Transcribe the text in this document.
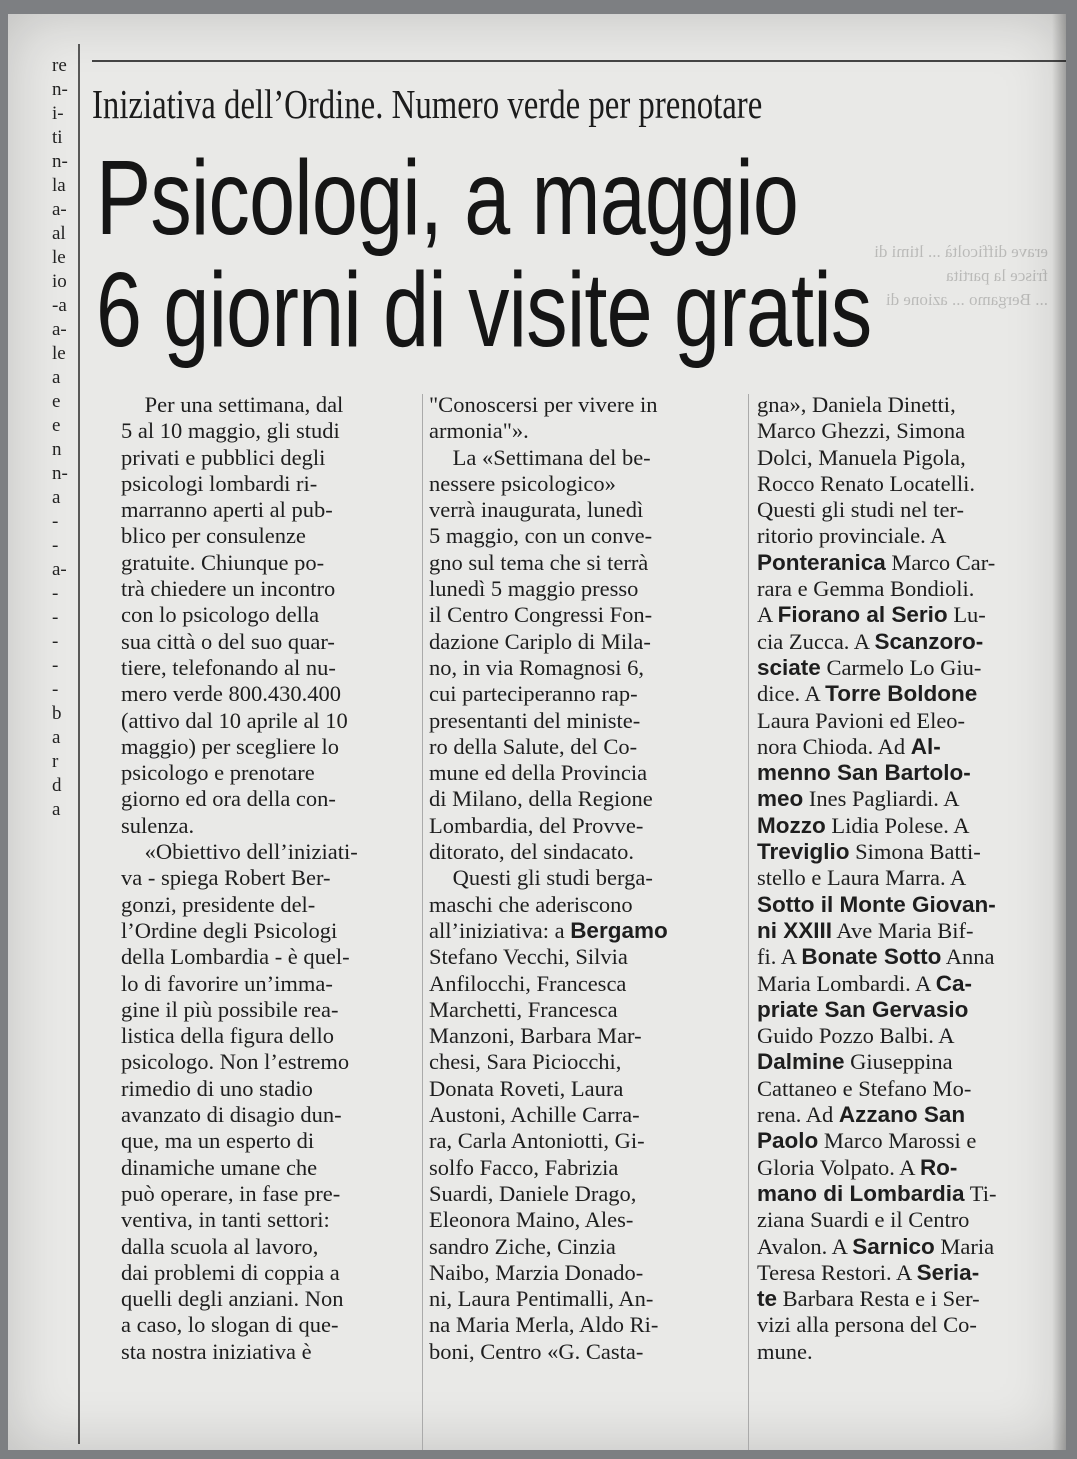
re
n-
i-
ti
n-
la
a-
al
le
io
-a
a-
le
a
e
e
n
n-
a
-
-
a-
-
-
-
-
-
b
a
r
d
a
Iniziativa dell’Ordine. Numero verde per prenotare
erave difficoltà ... ltimi di
frisce la partita
... Bergamo ... azione di
Psicologi, a maggio
6 giorni di visite gratis
Per una settimana, dal
5 al 10 maggio, gli studi
privati e pubblici degli
psicologi lombardi ri-
marranno aperti al pub-
blico per consulenze
gratuite. Chiunque po-
trà chiedere un incontro
con lo psicologo della
sua città o del suo quar-
tiere, telefonando al nu-
mero verde 800.430.400
(attivo dal 10 aprile al 10
maggio) per scegliere lo
psicologo e prenotare
giorno ed ora della con-
sulenza.
«Obiettivo dell’iniziati-
va - spiega Robert Ber-
gonzi, presidente del-
l’Ordine degli Psicologi
della Lombardia - è quel-
lo di favorire un’imma-
gine il più possibile rea-
listica della figura dello
psicologo. Non l’estremo
rimedio di uno stadio
avanzato di disagio dun-
que, ma un esperto di
dinamiche umane che
può operare, in fase pre-
ventiva, in tanti settori:
dalla scuola al lavoro,
dai problemi di coppia a
quelli degli anziani. Non
a caso, lo slogan di que-
sta nostra iniziativa è
"Conoscersi per vivere in
armonia"».
La «Settimana del be-
nessere psicologico»
verrà inaugurata, lunedì
5 maggio, con un conve-
gno sul tema che si terrà
lunedì 5 maggio presso
il Centro Congressi Fon-
dazione Cariplo di Mila-
no, in via Romagnosi 6,
cui parteciperanno rap-
presentanti del ministe-
ro della Salute, del Co-
mune ed della Provincia
di Milano, della Regione
Lombardia, del Provve-
ditorato, del sindacato.
Questi gli studi berga-
maschi che aderiscono
all’iniziativa: a Bergamo
Stefano Vecchi, Silvia
Anfilocchi, Francesca
Marchetti, Francesca
Manzoni, Barbara Mar-
chesi, Sara Piciocchi,
Donata Roveti, Laura
Austoni, Achille Carra-
ra, Carla Antoniotti, Gi-
solfo Facco, Fabrizia
Suardi, Daniele Drago,
Eleonora Maino, Ales-
sandro Ziche, Cinzia
Naibo, Marzia Donado-
ni, Laura Pentimalli, An-
na Maria Merla, Aldo Ri-
boni, Centro «G. Casta-
gna», Daniela Dinetti,
Marco Ghezzi, Simona
Dolci, Manuela Pigola,
Rocco Renato Locatelli.
Questi gli studi nel ter-
ritorio provinciale. A
Ponteranica Marco Car-
rara e Gemma Bondioli.
A Fiorano al Serio Lu-
cia Zucca. A Scanzoro-
sciate Carmelo Lo Giu-
dice. A Torre Boldone
Laura Pavioni ed Eleo-
nora Chioda. Ad Al-
menno San Bartolo-
meo Ines Pagliardi. A
Mozzo Lidia Polese. A
Treviglio Simona Batti-
stello e Laura Marra. A
Sotto il Monte Giovan-
ni XXIII Ave Maria Bif-
fi. A Bonate Sotto Anna
Maria Lombardi. A Ca-
priate San Gervasio
Guido Pozzo Balbi. A
Dalmine Giuseppina
Cattaneo e Stefano Mo-
rena. Ad Azzano San
Paolo Marco Marossi e
Gloria Volpato. A Ro-
mano di Lombardia Ti-
ziana Suardi e il Centro
Avalon. A Sarnico Maria
Teresa Restori. A Seria-
te Barbara Resta e i Ser-
vizi alla persona del Co-
mune.
